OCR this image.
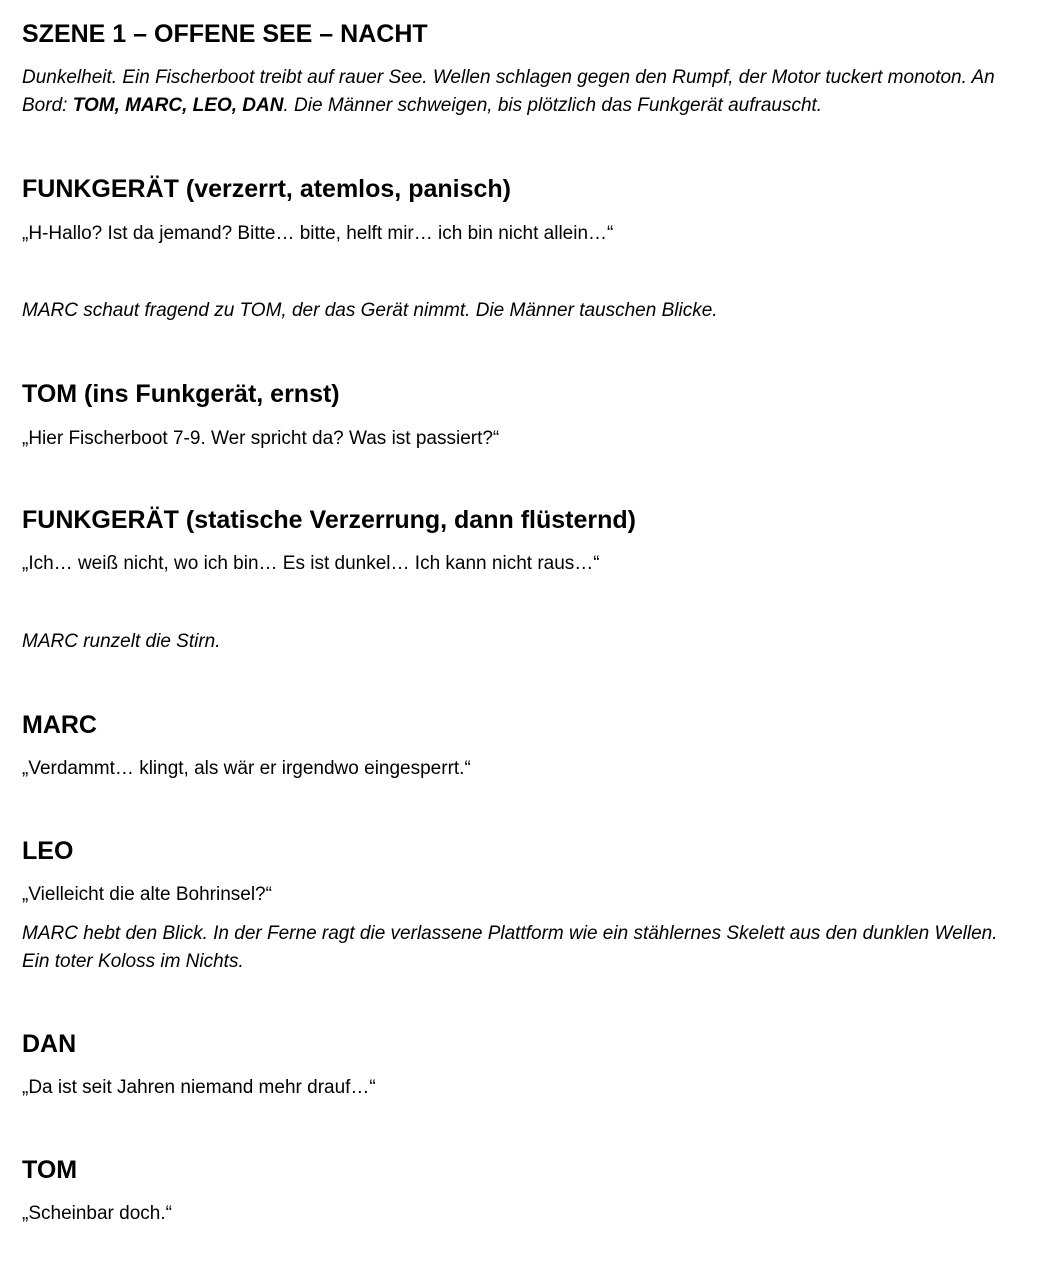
SZENE 1 – OFFENE SEE – NACHT

Dunkelheit. Ein Fischerboot treibt auf rauer See. Wellen schlagen gegen den Rumpf, der Motor tuckert monoton. An Bord: TOM, MARC, LEO, DAN. Die Männer schweigen, bis plötzlich das Funkgerät aufrauscht.

FUNKGERÄT (verzerrt, atemlos, panisch)

„H-Hallo? Ist da jemand? Bitte… bitte, helft mir… ich bin nicht allein…“

MARC schaut fragend zu TOM, der das Gerät nimmt. Die Männer tauschen Blicke.

TOM (ins Funkgerät, ernst)

„Hier Fischerboot 7-9. Wer spricht da? Was ist passiert?“

FUNKGERÄT (statische Verzerrung, dann flüsternd)

„Ich… weiß nicht, wo ich bin… Es ist dunkel… Ich kann nicht raus…“

MARC runzelt die Stirn.

MARC

„Verdammt… klingt, als wär er irgendwo eingesperrt.“

LEO

„Vielleicht die alte Bohrinsel?“

MARC hebt den Blick. In der Ferne ragt die verlassene Plattform wie ein stählernes Skelett aus den dunklen Wellen. Ein toter Koloss im Nichts.

DAN

„Da ist seit Jahren niemand mehr drauf…“

TOM

„Scheinbar doch.“
